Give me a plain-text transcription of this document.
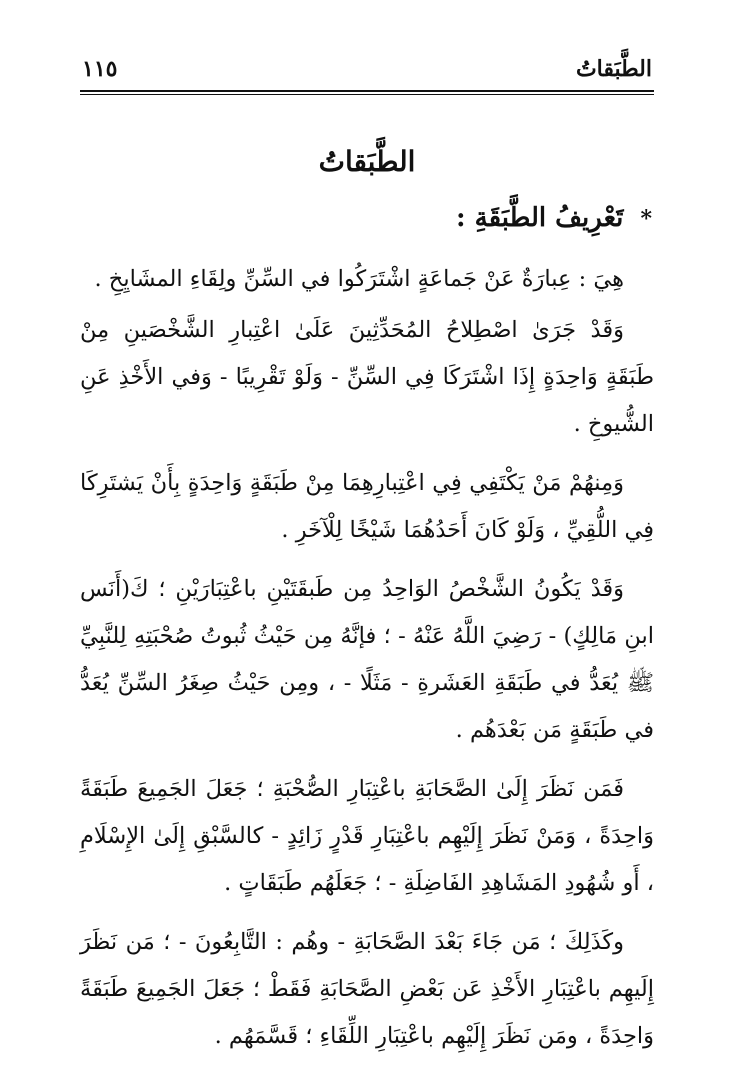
الطَّبَقاتُ
١١٥
الطَّبَقاتُ
* تَعْرِيفُ الطَّبَقَةِ :

هِيَ : عِبارَةٌ عَنْ جَماعَةٍ اشْتَرَكُوا في السِّنِّ ولِقَاءِ المشَايِخِ .

وَقَدْ جَرَىٰ اصْطِلاحُ المُحَدِّثِينَ عَلَىٰ اعْتِبارِ الشَّخْصَينِ مِنْ طَبَقَةٍ وَاحِدَةٍ إِذَا اشْتَرَكَا فِي السِّنِّ - وَلَوْ تَقْرِيبًا - وَفي الأَخْذِ عَنِ الشُّيوخِ .

وَمِنهُمْ مَنْ يَكْتَفِي فِي اعْتِبارِهِمَا مِنْ طَبَقَةٍ وَاحِدَةٍ بِأَنْ يَشتَرِكَا فِي اللُّقِيِّ ، وَلَوْ كَانَ أَحَدُهُمَا شَيْخًا لِلْآخَرِ .

وَقَدْ يَكُونُ الشَّخْصُ الوَاحِدُ مِن طَبقَتَيْنِ باعْتِبَارَيْنِ ؛ كَ(أَنَس ابنِ مَالِكٍ) - رَضِيَ اللَّهُ عَنْهُ - ؛ فإنَّهُ مِن حَيْثُ ثُبوتُ صُحْبَتِهِ لِلنَّبِيِّ ﷺ يُعَدُّ في طَبَقَةِ العَشَرةِ - مَثَلًا - ، ومِن حَيْثُ صِغَرُ السِّنِّ يُعَدُّ في طَبَقَةٍ مَن بَعْدَهُم .

فَمَن نَظَرَ إِلَىٰ الصَّحَابَةِ باعْتِبَارِ الصُّحْبَةِ ؛ جَعَلَ الجَمِيعَ طَبَقَةً وَاحِدَةً ، وَمَنْ نَظَرَ إِلَيْهِم باعْتِبَارِ قَدْرٍ زَائِدٍ - كالسَّبْقِ إِلَىٰ الإِسْلَامِ ، أَو شُهُودِ المَشَاهِدِ الفَاضِلَةِ - ؛ جَعَلَهُم طَبَقَاتٍ .

وكَذَلِكَ ؛ مَن جَاءَ بَعْدَ الصَّحَابَةِ - وهُم : التَّابِعُونَ - ؛ مَن نَظَرَ إِلَيهِم باعْتِبَارِ الأَخْذِ عَن بَعْضِ الصَّحَابَةِ فَقَطْ ؛ جَعَلَ الجَمِيعَ طَبَقَةً وَاحِدَةً ، ومَن نَظَرَ إِلَيْهِم باعْتِبَارِ اللِّقَاءِ ؛ قَسَّمَهُم .
